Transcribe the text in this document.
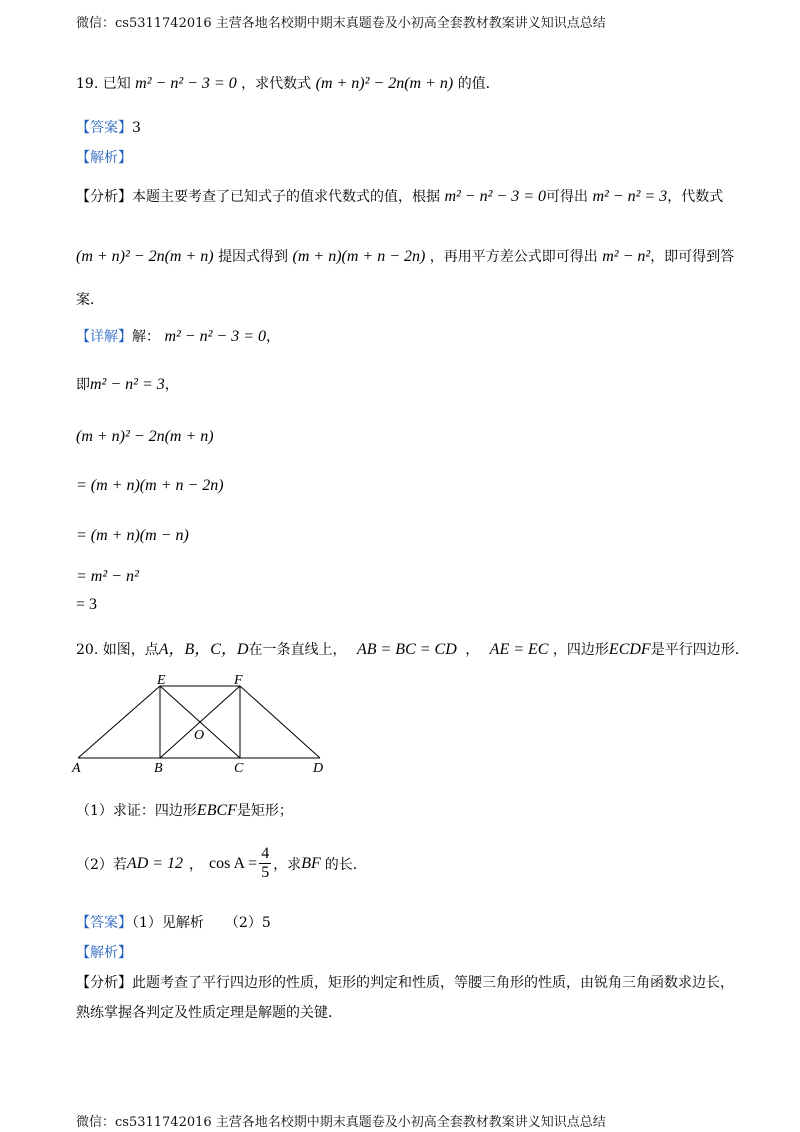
微信：cs5311742016 主营各地名校期中期末真题卷及小初高全套教材教案讲义知识点总结
19. 已知 m² − n² − 3 = 0 ，求代数式 (m + n)² − 2n(m + n) 的值．
【答案】3
【解析】
【分析】本题主要考查了已知式子的值求代数式的值，根据 m² − n² − 3 = 0可得出 m² − n² = 3，代数式
(m + n)² − 2n(m + n) 提因式得到 (m + n)(m + n − 2n) ，再用平方差公式即可得出 m² − n²，即可得到答
案．
【详解】解： m² − n² − 3 = 0，
即m² − n² = 3，
(m + n)² − 2n(m + n)
= (m + n)(m + n − 2n)
= (m + n)(m − n)
= m² − n²
= 3
20. 如图，点A，B，C，D在一条直线上， AB = BC = CD ， AE = EC ，四边形ECDF是平行四边形．
E	F
O
A	B	C	D
（1）求证：四边形EBCF是矩形；
（2）若 AD = 12 ， $\cos A = \frac{4}{5}$ ，求 BF 的长．
【答案】（1）见解析　　（2）5
【解析】
【分析】此题考查了平行四边形的性质，矩形的判定和性质，等腰三角形的性质，由锐角三角函数求边长，
熟练掌握各判定及性质定理是解题的关键．
微信：cs5311742016 主营各地名校期中期末真题卷及小初高全套教材教案讲义知识点总结
